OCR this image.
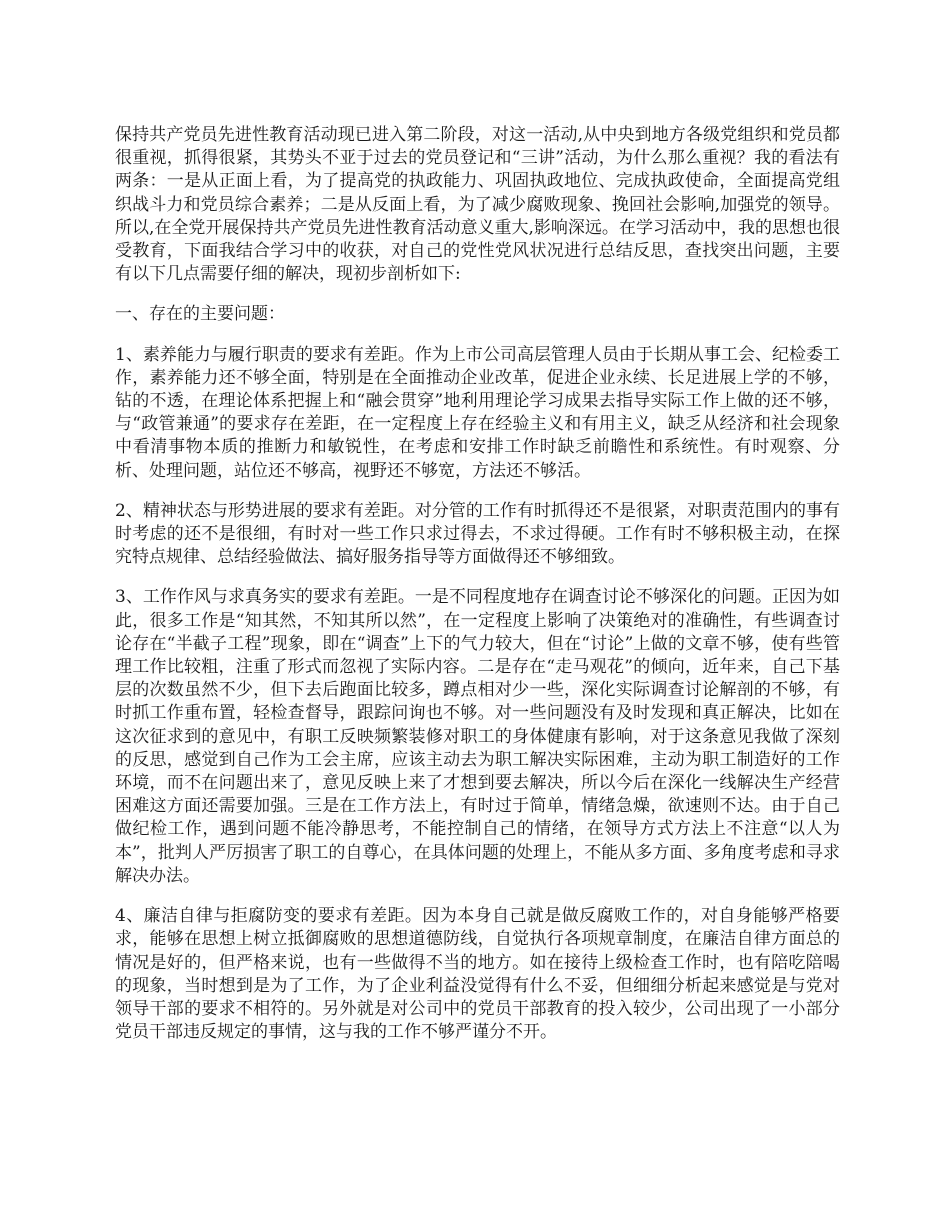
保持共产党员先进性教育活动现已进入第二阶段，对这一活动,从中央到地方各级党组织和党员都很重视，抓得很紧，其势头不亚于过去的党员登记和“三讲”活动，为什么那么重视？我的看法有两条：一是从正面上看，为了提高党的执政能力、巩固执政地位、完成执政使命，全面提高党组织战斗力和党员综合素养；二是从反面上看，为了减少腐败现象、挽回社会影响,加强党的领导。所以,在全党开展保持共产党员先进性教育活动意义重大,影响深远。在学习活动中，我的思想也很受教育，下面我结合学习中的收获，对自己的党性党风状况进行总结反思，查找突出问题，主要有以下几点需要仔细的解决，现初步剖析如下:

一、存在的主要问题：

1、素养能力与履行职责的要求有差距。作为上市公司高层管理人员由于长期从事工会、纪检委工作，素养能力还不够全面，特别是在全面推动企业改革，促进企业永续、长足进展上学的不够，钻的不透，在理论体系把握上和“融会贯穿”地利用理论学习成果去指导实际工作上做的还不够，与“政管兼通”的要求存在差距，在一定程度上存在经验主义和有用主义，缺乏从经济和社会现象中看清事物本质的推断力和敏锐性，在考虑和安排工作时缺乏前瞻性和系统性。有时观察、分析、处理问题，站位还不够高，视野还不够宽，方法还不够活。

2、精神状态与形势进展的要求有差距。对分管的工作有时抓得还不是很紧，对职责范围内的事有时考虑的还不是很细，有时对一些工作只求过得去，不求过得硬。工作有时不够积极主动，在探究特点规律、总结经验做法、搞好服务指导等方面做得还不够细致。

3、工作作风与求真务实的要求有差距。一是不同程度地存在调查讨论不够深化的问题。正因为如此，很多工作是“知其然，不知其所以然”，在一定程度上影响了决策绝对的准确性，有些调查讨论存在“半截子工程”现象，即在“调查”上下的气力较大，但在“讨论”上做的文章不够，使有些管理工作比较粗，注重了形式而忽视了实际内容。二是存在“走马观花”的倾向，近年来，自己下基层的次数虽然不少，但下去后跑面比较多，蹲点相对少一些，深化实际调查讨论解剖的不够，有时抓工作重布置，轻检查督导，跟踪问询也不够。对一些问题没有及时发现和真正解决，比如在这次征求到的意见中，有职工反映频繁装修对职工的身体健康有影响，对于这条意见我做了深刻的反思，感觉到自己作为工会主席，应该主动去为职工解决实际困难，主动为职工制造好的工作环境，而不在问题出来了，意见反映上来了才想到要去解决，所以今后在深化一线解决生产经营困难这方面还需要加强。三是在工作方法上，有时过于简单，情绪急燥，欲速则不达。由于自己做纪检工作，遇到问题不能冷静思考，不能控制自己的情绪，在领导方式方法上不注意“以人为本”，批判人严厉损害了职工的自尊心，在具体问题的处理上，不能从多方面、多角度考虑和寻求解决办法。

4、廉洁自律与拒腐防变的要求有差距。因为本身自己就是做反腐败工作的，对自身能够严格要求，能够在思想上树立抵御腐败的思想道德防线，自觉执行各项规章制度，在廉洁自律方面总的情况是好的，但严格来说，也有一些做得不当的地方。如在接待上级检查工作时，也有陪吃陪喝的现象，当时想到是为了工作，为了企业利益没觉得有什么不妥，但细细分析起来感觉是与党对领导干部的要求不相符的。另外就是对公司中的党员干部教育的投入较少，公司出现了一小部分党员干部违反规定的事情，这与我的工作不够严谨分不开。
